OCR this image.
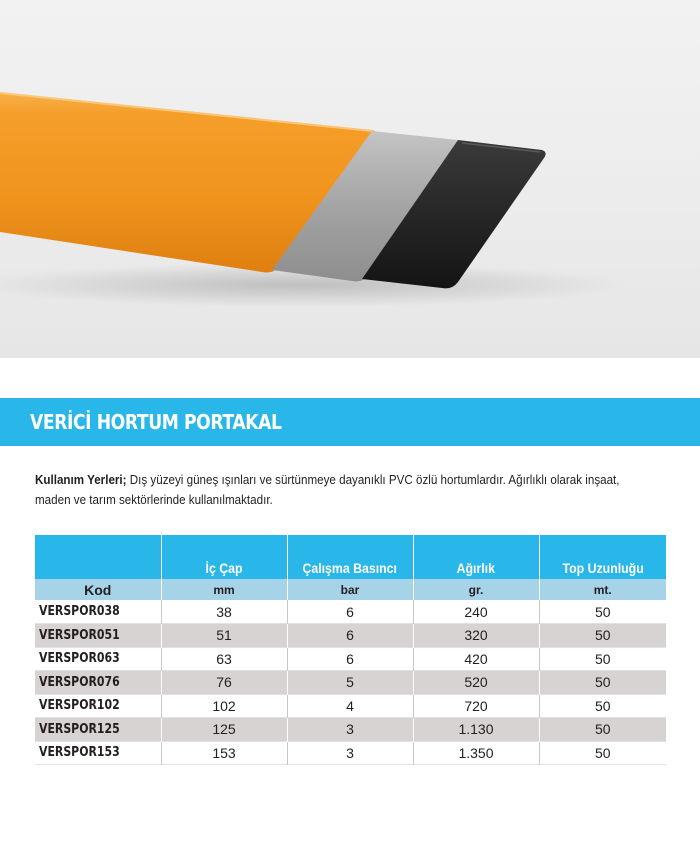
VERİCİ HORTUM PORTAKAL

Kullanım Yerleri; Dış yüzeyi güneş ışınları ve sürtünmeye dayanıklı PVC özlü hortumlardır. Ağırlıklı olarak inşaat, maden ve tarım sektörlerinde kullanılmaktadır.

	İç Çap	Çalışma Basıncı	Ağırlık	Top Uzunluğu
Kod	mm	bar	gr.	mt.
VERSPOR038	38	6	240	50
VERSPOR051	51	6	320	50
VERSPOR063	63	6	420	50
VERSPOR076	76	5	520	50
VERSPOR102	102	4	720	50
VERSPOR125	125	3	1.130	50
VERSPOR153	153	3	1.350	50
